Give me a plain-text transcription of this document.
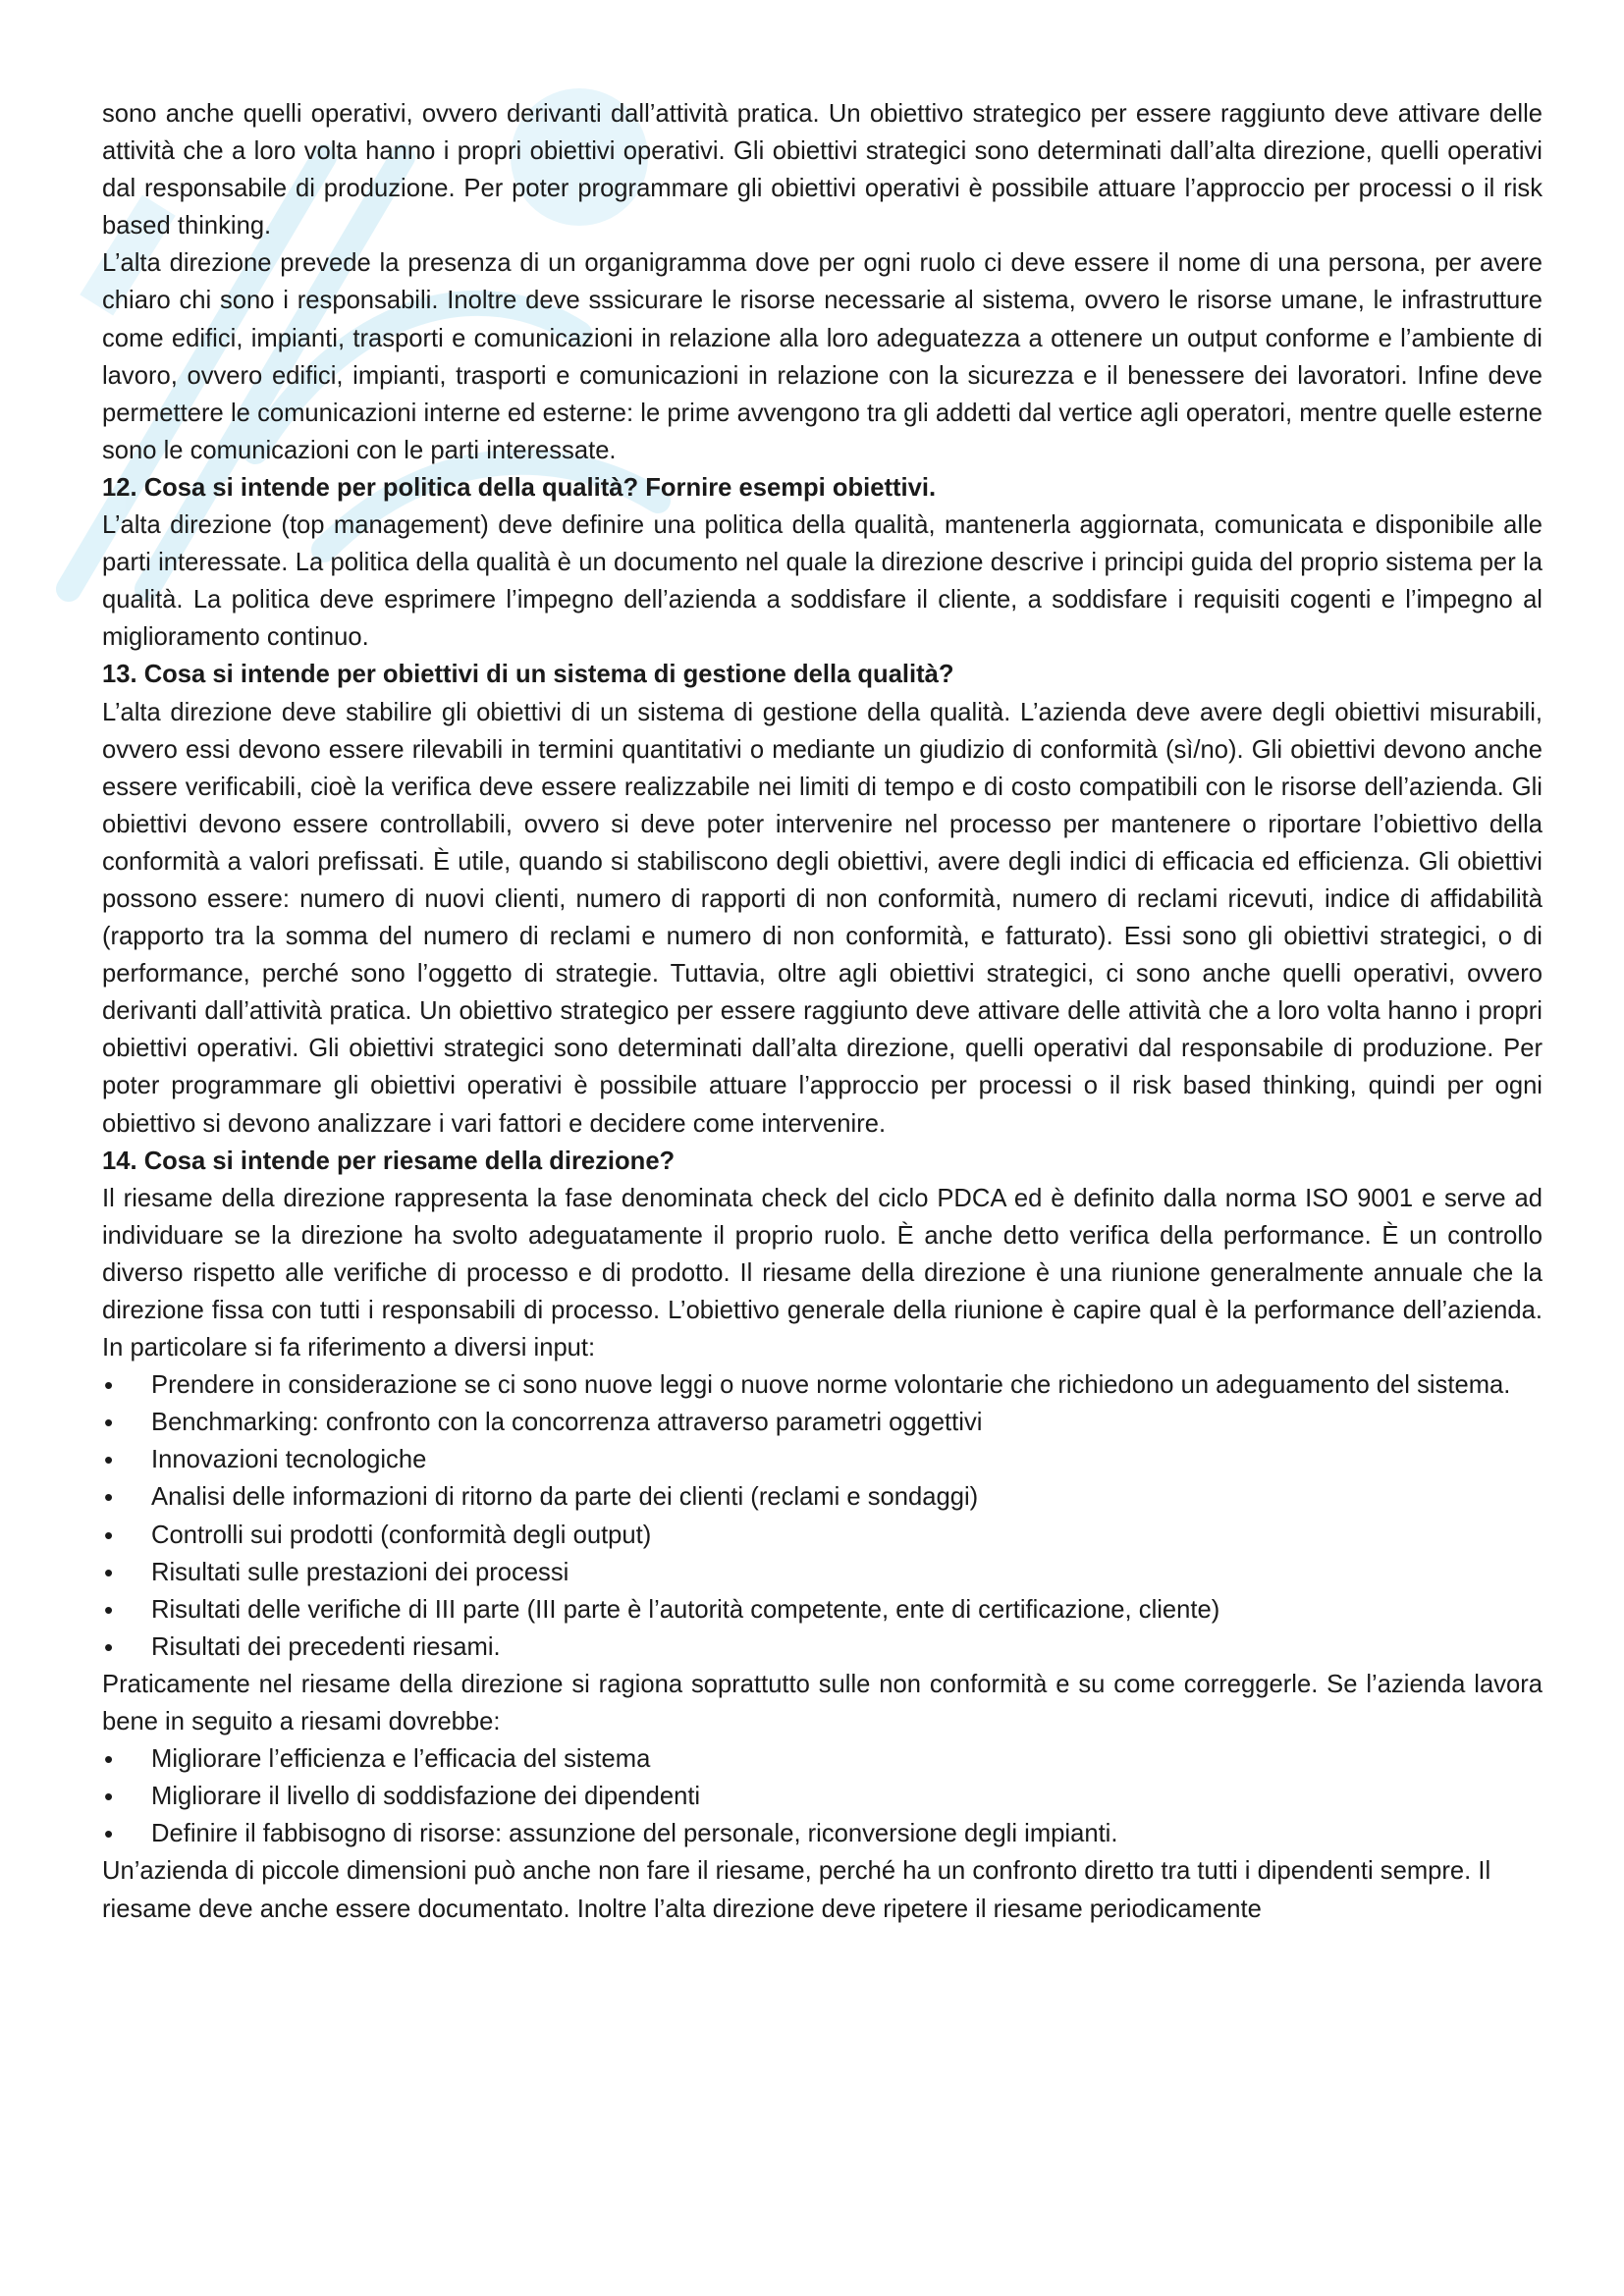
sono anche quelli operativi, ovvero derivanti dall’attività pratica. Un obiettivo strategico per essere raggiunto deve attivare delle attività che a loro volta hanno i propri obiettivi operativi. Gli obiettivi strategici sono determinati dall’alta direzione, quelli operativi dal responsabile di produzione. Per poter programmare gli obiettivi operativi è possibile attuare l’approccio per processi o il risk based thinking.

L’alta direzione prevede la presenza di un organigramma dove per ogni ruolo ci deve essere il nome di una persona, per avere chiaro chi sono i responsabili. Inoltre deve sssicurare le risorse necessarie al sistema, ovvero le risorse umane, le infrastrutture come edifici, impianti, trasporti e comunicazioni in relazione alla loro adeguatezza a ottenere un output conforme e l’ambiente di lavoro, ovvero edifici, impianti, trasporti e comunicazioni in relazione con la sicurezza e il benessere dei lavoratori. Infine deve permettere le comunicazioni interne ed esterne: le prime avvengono tra gli addetti dal vertice agli operatori, mentre quelle esterne sono le comunicazioni con le parti interessate.

12. Cosa si intende per politica della qualità? Fornire esempi obiettivi.

L’alta direzione (top management) deve definire una politica della qualità, mantenerla aggiornata, comunicata e disponibile alle parti interessate. La politica della qualità è un documento nel quale la direzione descrive i principi guida del proprio sistema per la qualità. La politica deve esprimere l’impegno dell’azienda a soddisfare il cliente, a soddisfare i requisiti cogenti e l’impegno al miglioramento continuo.

13. Cosa si intende per obiettivi di un sistema di gestione della qualità?

L’alta direzione deve stabilire gli obiettivi di un sistema di gestione della qualità. L’azienda deve avere degli obiettivi misurabili, ovvero essi devono essere rilevabili in termini quantitativi o mediante un giudizio di conformità (sì/no). Gli obiettivi devono anche essere verificabili, cioè la verifica deve essere realizzabile nei limiti di tempo e di costo compatibili con le risorse dell’azienda. Gli obiettivi devono essere controllabili, ovvero si deve poter intervenire nel processo per mantenere o riportare l’obiettivo della conformità a valori prefissati. È utile, quando si stabiliscono degli obiettivi, avere degli indici di efficacia ed efficienza. Gli obiettivi possono essere: numero di nuovi clienti, numero di rapporti di non conformità, numero di reclami ricevuti, indice di affidabilità (rapporto tra la somma del numero di reclami e numero di non conformità, e fatturato). Essi sono gli obiettivi strategici, o di performance, perché sono l’oggetto di strategie. Tuttavia, oltre agli obiettivi strategici, ci sono anche quelli operativi, ovvero derivanti dall’attività pratica. Un obiettivo strategico per essere raggiunto deve attivare delle attività che a loro volta hanno i propri obiettivi operativi. Gli obiettivi strategici sono determinati dall’alta direzione, quelli operativi dal responsabile di produzione. Per poter programmare gli obiettivi operativi è possibile attuare l’approccio per processi o il risk based thinking, quindi per ogni obiettivo si devono analizzare i vari fattori e decidere come intervenire.

14. Cosa si intende per riesame della direzione?

Il riesame della direzione rappresenta la fase denominata check del ciclo PDCA ed è definito dalla norma ISO 9001 e serve ad individuare se la direzione ha svolto adeguatamente il proprio ruolo. È anche detto verifica della performance. È un controllo diverso rispetto alle verifiche di processo e di prodotto. Il riesame della direzione è una riunione generalmente annuale che la direzione fissa con tutti i responsabili di processo. L’obiettivo generale della riunione è capire qual è la performance dell’azienda. In particolare si fa riferimento a diversi input:

• Prendere in considerazione se ci sono nuove leggi o nuove norme volontarie che richiedono un adeguamento del sistema.
• Benchmarking: confronto con la concorrenza attraverso parametri oggettivi
• Innovazioni tecnologiche
• Analisi delle informazioni di ritorno da parte dei clienti (reclami e sondaggi)
• Controlli sui prodotti (conformità degli output)
• Risultati sulle prestazioni dei processi
• Risultati delle verifiche di III parte (III parte è l’autorità competente, ente di certificazione, cliente)
• Risultati dei precedenti riesami.

Praticamente nel riesame della direzione si ragiona soprattutto sulle non conformità e su come correggerle. Se l’azienda lavora bene in seguito a riesami dovrebbe:

• Migliorare l’efficienza e l’efficacia del sistema
• Migliorare il livello di soddisfazione dei dipendenti
• Definire il fabbisogno di risorse: assunzione del personale, riconversione degli impianti.

Un’azienda di piccole dimensioni può anche non fare il riesame, perché ha un confronto diretto tra tutti i dipendenti sempre. Il riesame deve anche essere documentato. Inoltre l’alta direzione deve ripetere il riesame periodicamente
